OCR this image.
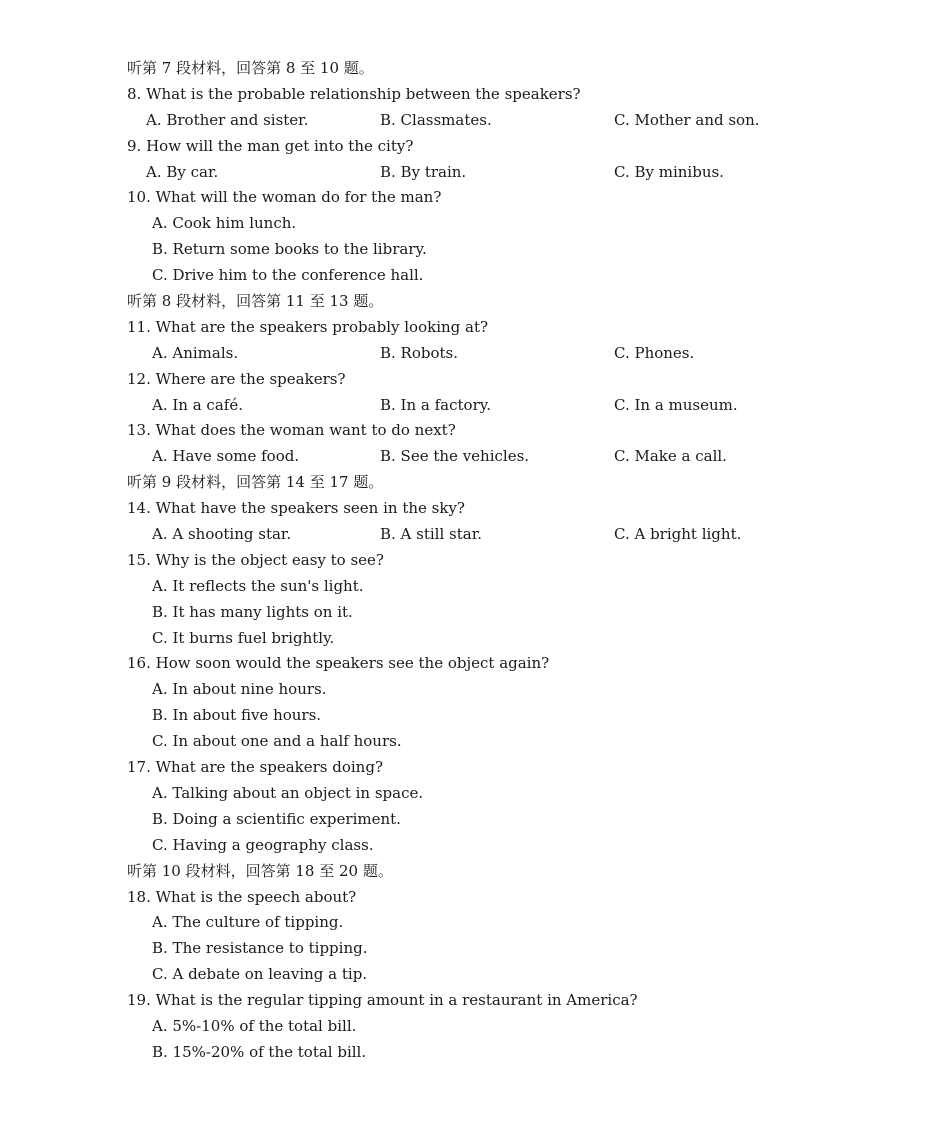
听第 7 段材料，回答第 8 至 10 题。
8. What is the probable relationship between the speakers?
A. Brother and sister.	B. Classmates.	C. Mother and son.
9. How will the man get into the city?
A. By car.	B. By train.	C. By minibus.
10. What will the woman do for the man?
A. Cook him lunch.
B. Return some books to the library.
C. Drive him to the conference hall.
听第 8 段材料，回答第 11 至 13 题。
11. What are the speakers probably looking at?
A. Animals.	B. Robots.	C. Phones.
12. Where are the speakers?
A. In a café.	B. In a factory.	C. In a museum.
13. What does the woman want to do next?
A. Have some food.	B. See the vehicles.	C. Make a call.
听第 9 段材料，回答第 14 至 17 题。
14. What have the speakers seen in the sky?
A. A shooting star.	B. A still star.	C. A bright light.
15. Why is the object easy to see?
A. It reflects the sun's light.
B. It has many lights on it.
C. It burns fuel brightly.
16. How soon would the speakers see the object again?
A. In about nine hours.
B. In about five hours.
C. In about one and a half hours.
17. What are the speakers doing?
A. Talking about an object in space.
B. Doing a scientific experiment.
C. Having a geography class.
听第 10 段材料，回答第 18 至 20 题。
18. What is the speech about?
A. The culture of tipping.
B. The resistance to tipping.
C. A debate on leaving a tip.
19. What is the regular tipping amount in a restaurant in America?
A. 5%-10% of the total bill.
B. 15%-20% of the total bill.
